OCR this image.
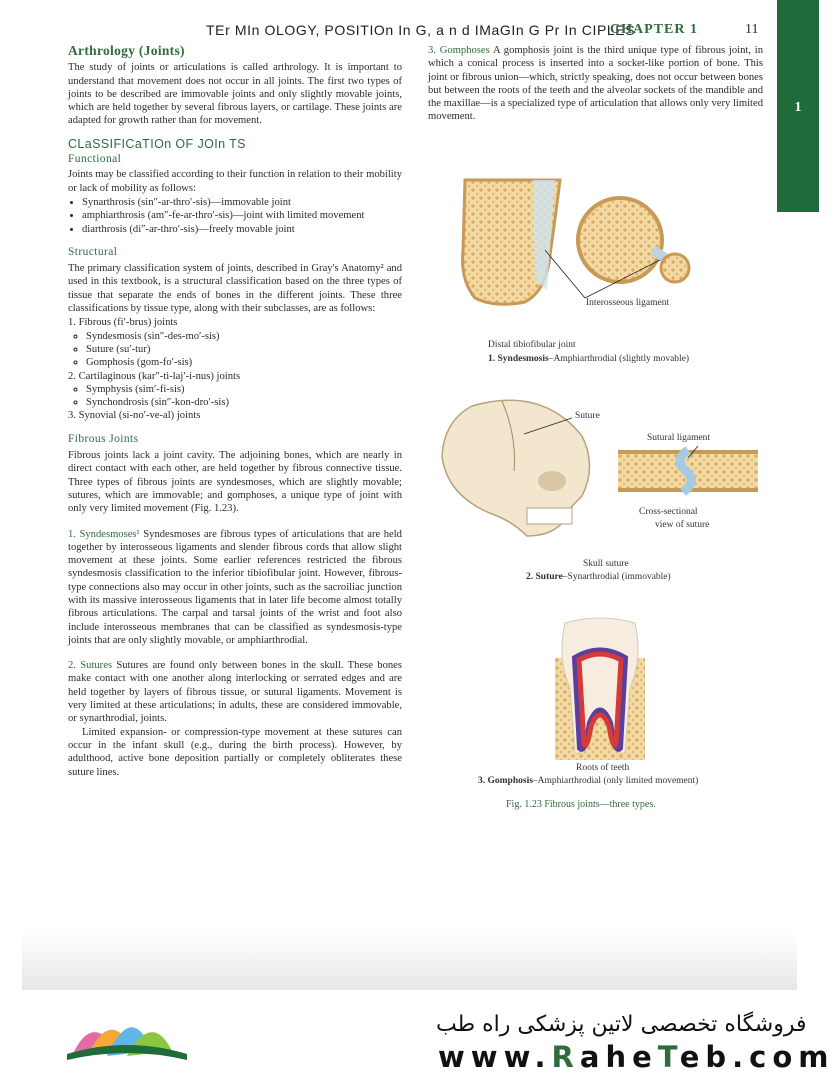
TEr MIn OLOGY, POSITIOn In G, a n d IMaGIn G Pr In CIPLES
CHAPTER 1	11
1
Arthrology (Joints)

The study of joints or articulations is called arthrology. It is important to understand that movement does not occur in all joints. The first two types of joints to be described are immovable joints and only slightly movable joints, which are held together by several fibrous layers, or cartilage. These joints are adapted for growth rather than for movement.

CLaSSIFICaTIOn OF JOIn TS
Functional

Joints may be classified according to their function in relation to their mobility or lack of mobility as follows:

• Synarthrosis (sin″-ar-thro′-sis)—immovable joint
• amphiarthrosis (am″-fe-ar-thro′-sis)—joint with limited movement
• diarthrosis (di″-ar-thro′-sis)—freely movable joint
Structural

The primary classification system of joints, described in Gray's Anatomy² and used in this textbook, is a structural classification based on the three types of tissue that separate the ends of bones in the different joints. These three classifications by tissue type, along with their subclasses, are as follows:

1. Fibrous (fi′-brus) joints
◦ Syndesmosis (sin″-des-mo′-sis)
◦ Suture (su′-tur)
◦ Gomphosis (gom-fo′-sis)
2. Cartilaginous (kar″-ti-laj′-i-nus) joints
◦ Symphysis (sim′-fi-sis)
◦ Synchondrosis (sin″-kon-dro′-sis)
3. Synovial (si-no′-ve-al) joints
Fibrous Joints

Fibrous joints lack a joint cavity. The adjoining bones, which are nearly in direct contact with each other, are held together by fibrous connective tissue. Three types of fibrous joints are syndesmoses, which are slightly movable; sutures, which are immovable; and gomphoses, a unique type of joint with only very limited movement (Fig. 1.23).

1. Syndesmoses¹ Syndesmoses are fibrous types of articulations that are held together by interosseous ligaments and slender fibrous cords that allow slight movement at these joints. Some earlier references restricted the fibrous syndesmosis classification to the inferior tibiofibular joint. However, fibrous-type connections also may occur in other joints, such as the sacroiliac junction with its massive interosseous ligaments that in later life become almost totally fibrous articulations. The carpal and tarsal joints of the wrist and foot also include interosseous membranes that can be classified as syndesmosis-type joints that are only slightly movable, or amphiarthrodial.

2. Sutures Sutures are found only between bones in the skull. These bones make contact with one another along interlocking or serrated edges and are held together by layers of fibrous tissue, or sutural ligaments. Movement is very limited at these articulations; in adults, these are considered immovable, or synarthrodial, joints.

Limited expansion- or compression-type movement at these sutures can occur in the infant skull (e.g., during the birth process). However, by adulthood, active bone deposition partially or completely obliterates these suture lines.

3. Gomphoses A gomphosis joint is the third unique type of fibrous joint, in which a conical process is inserted into a socket-like portion of bone. This joint or fibrous union—which, strictly speaking, does not occur between bones but between the roots of the teeth and the alveolar sockets of the mandible and the maxillae—is a specialized type of articulation that allows only very limited movement.

Interosseous ligament
Distal tibiofibular joint
1. Syndesmosis–Amphiarthrodial (slightly movable)
Suture
Sutural ligament
Cross-sectional
view of suture
Skull suture
2. Suture–Synarthrodial (immovable)
Roots of teeth
3. Gomphosis–Amphiarthrodial (only limited movement)
Fig. 1.23 Fibrous joints—three types.
فروشگاه تخصصی لاتین پزشکی راه طب
www.RaheTeb.com
